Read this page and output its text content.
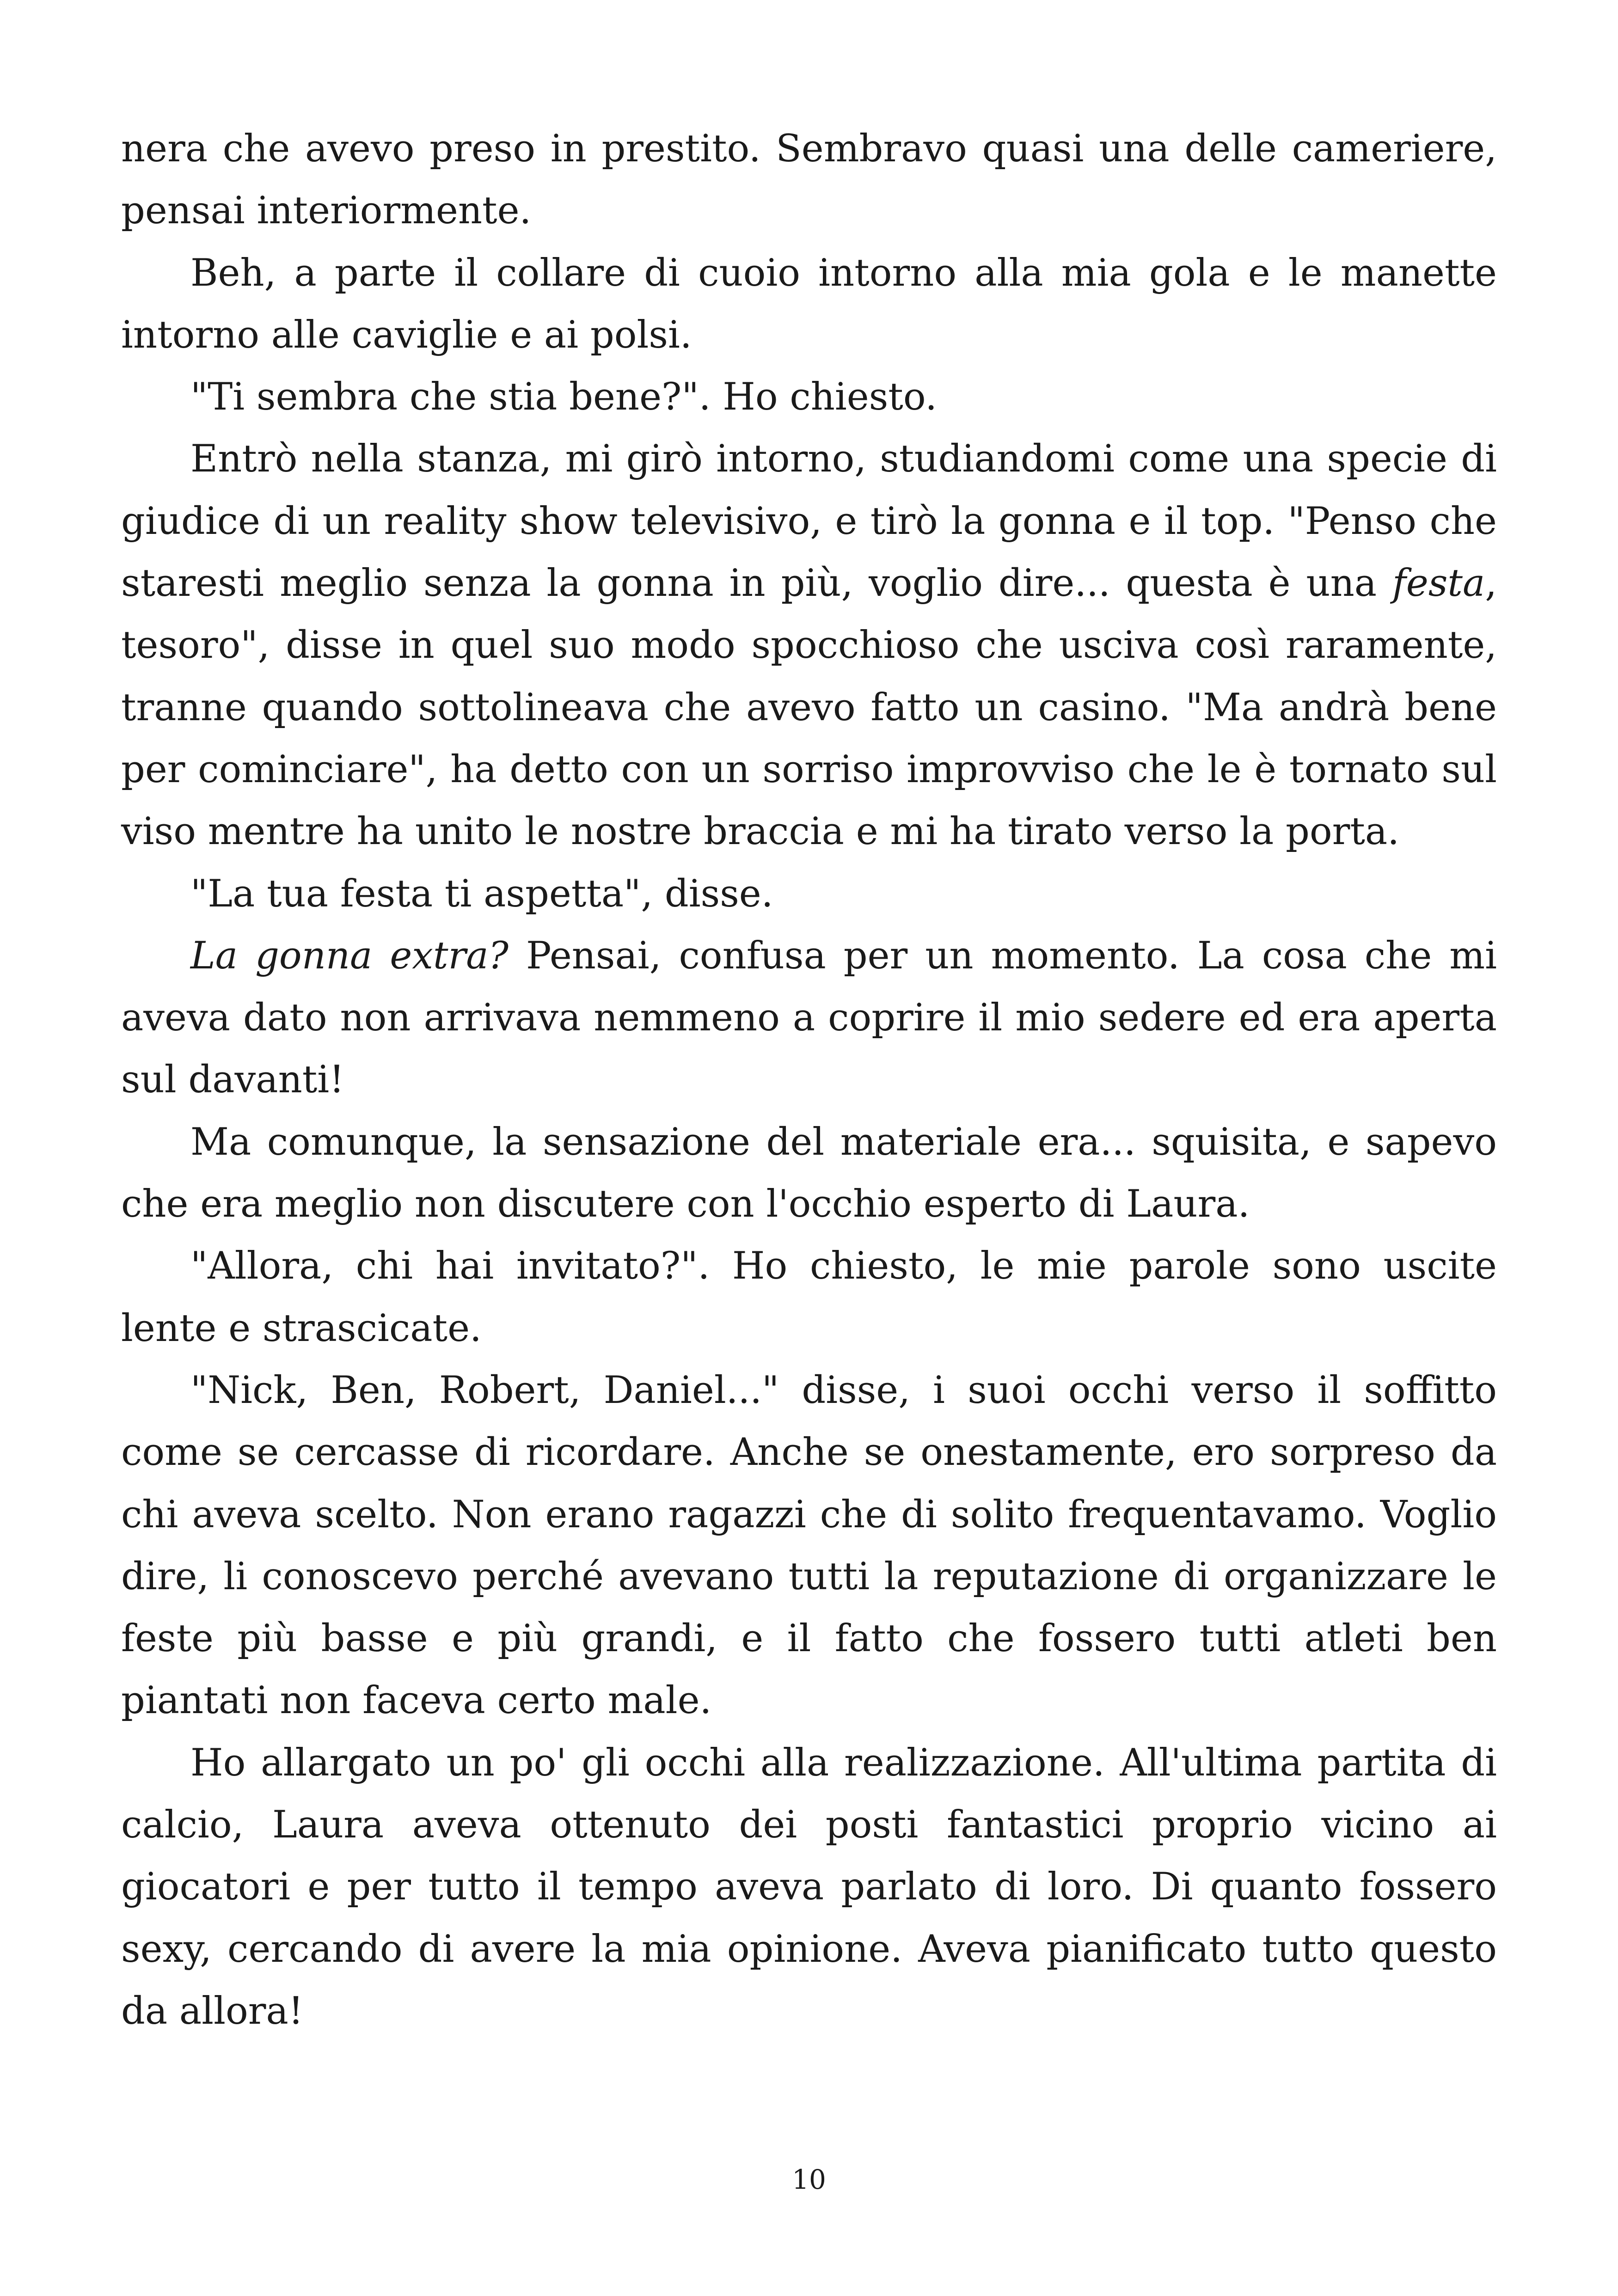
nera che avevo preso in prestito. Sembravo quasi una delle cameriere, pensai interiormente.

Beh, a parte il collare di cuoio intorno alla mia gola e le manette intorno alle caviglie e ai polsi.

"Ti sembra che stia bene?". Ho chiesto.

Entrò nella stanza, mi girò intorno, studiandomi come una specie di giudice di un reality show televisivo, e tirò la gonna e il top. "Penso che staresti meglio senza la gonna in più, voglio dire... questa è una festa, tesoro", disse in quel suo modo spocchioso che usciva così raramente, tranne quando sottolineava che avevo fatto un casino. "Ma andrà bene per cominciare", ha detto con un sorriso improvviso che le è tornato sul viso mentre ha unito le nostre braccia e mi ha tirato verso la porta.

"La tua festa ti aspetta", disse.

La gonna extra? Pensai, confusa per un momento. La cosa che mi aveva dato non arrivava nemmeno a coprire il mio sedere ed era aperta sul davanti!

Ma comunque, la sensazione del materiale era... squisita, e sapevo che era meglio non discutere con l'occhio esperto di Laura.

"Allora, chi hai invitato?". Ho chiesto, le mie parole sono uscite lente e strascicate.

"Nick, Ben, Robert, Daniel..." disse, i suoi occhi verso il soffitto come se cercasse di ricordare. Anche se onestamente, ero sorpreso da chi aveva scelto. Non erano ragazzi che di solito frequentavamo. Voglio dire, li conoscevo perché avevano tutti la reputazione di organizzare le feste più basse e più grandi, e il fatto che fossero tutti atleti ben piantati non faceva certo male.

Ho allargato un po' gli occhi alla realizzazione. All'ultima partita di calcio, Laura aveva ottenuto dei posti fantastici proprio vicino ai giocatori e per tutto il tempo aveva parlato di loro. Di quanto fossero sexy, cercando di avere la mia opinione. Aveva pianificato tutto questo da allora!

10
